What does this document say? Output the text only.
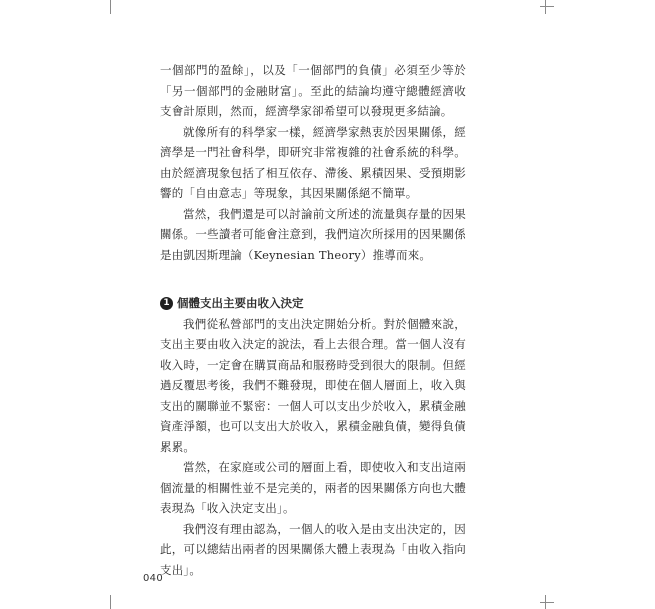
一個部門的盈餘」，以及「一個部門的負債」必須至少等於「另一個部門的金融財富」。至此的結論均遵守總體經濟收支會計原則，然而，經濟學家卻希望可以發現更多結論。

就像所有的科學家一樣，經濟學家熱衷於因果關係，經濟學是一門社會科學，即研究非常複雜的社會系統的科學。由於經濟現象包括了相互依存、滯後、累積因果、受預期影響的「自由意志」等現象，其因果關係絕不簡單。

當然，我們還是可以討論前文所述的流量與存量的因果關係。一些讀者可能會注意到，我們這次所採用的因果關係是由凱因斯理論（Keynesian Theory）推導而來。

1 個體支出主要由收入決定

我們從私營部門的支出決定開始分析。對於個體來說，支出主要由收入決定的說法，看上去很合理。當一個人沒有收入時，一定會在購買商品和服務時受到很大的限制。但經過反覆思考後，我們不難發現，即使在個人層面上，收入與支出的關聯並不緊密：一個人可以支出少於收入，累積金融資產淨額，也可以支出大於收入，累積金融負債，變得負債累累。

當然，在家庭或公司的層面上看，即使收入和支出這兩個流量的相關性並不是完美的，兩者的因果關係方向也大體表現為「收入決定支出」。

我們沒有理由認為，一個人的收入是由支出決定的，因此，可以總結出兩者的因果關係大體上表現為「由收入指向支出」。

040
